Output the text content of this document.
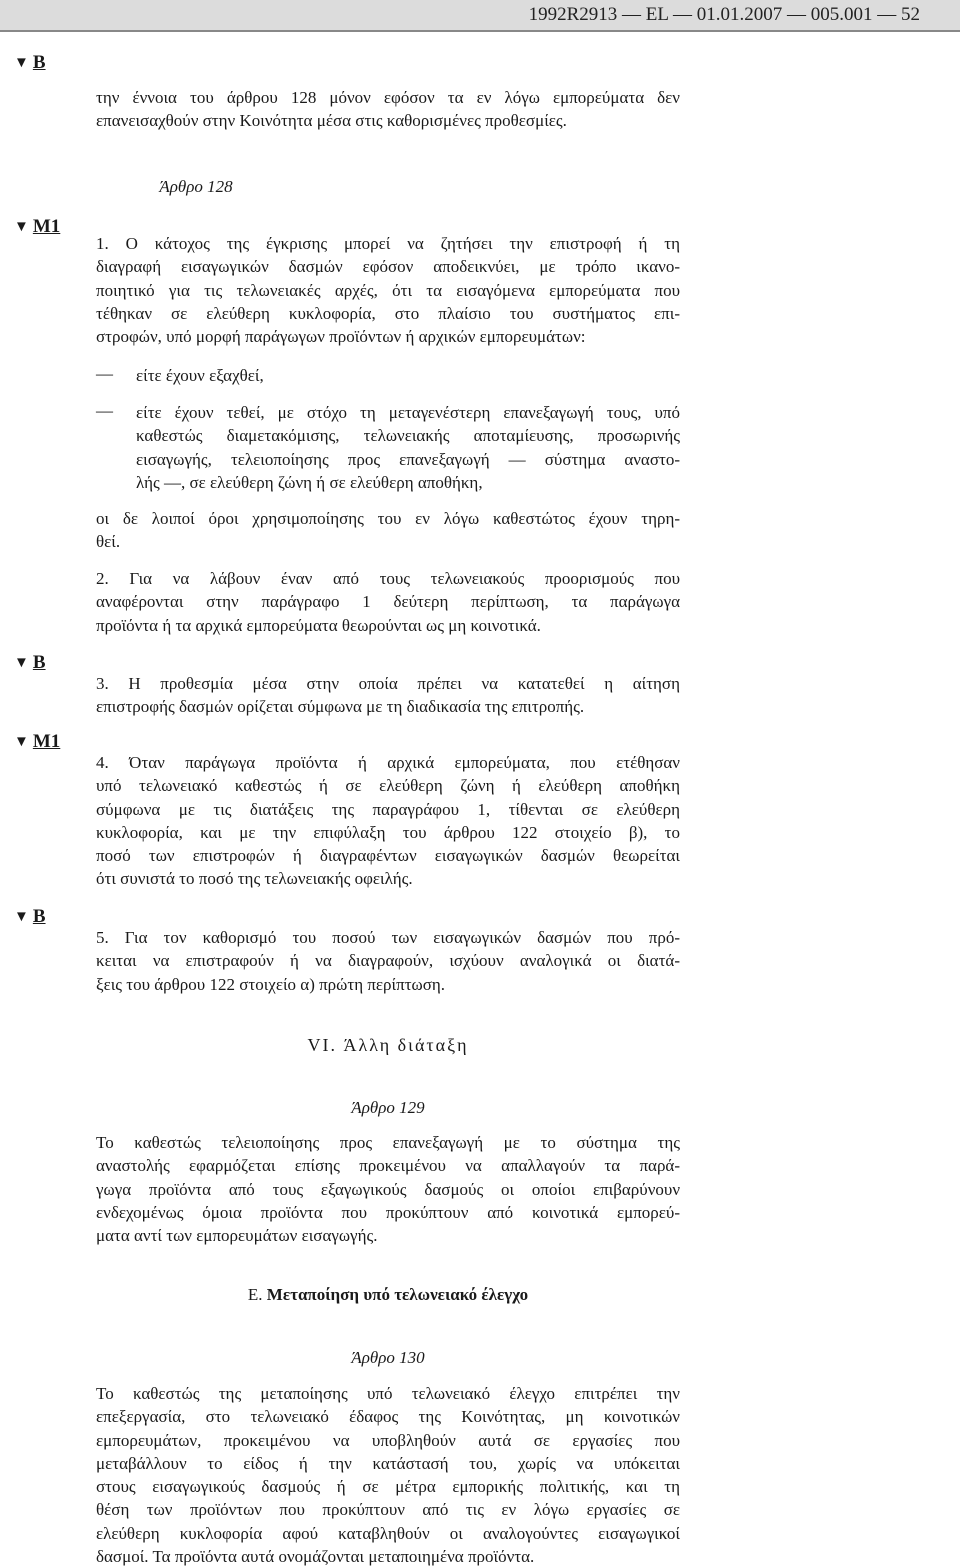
1992R2913 — EL — 01.01.2007 — 005.001 — 52
▼ B
▼ M1
▼ B
▼ M1
▼ B
την έννοια του άρθρου 128 μόνον εφόσον τα εν λόγω εμπορεύματα δεν
επανεισαχθούν στην Κοινότητα μέσα στις καθορισμένες προθεσμίες.
Άρθρο 128
1. Ο κάτοχος της έγκρισης μπορεί να ζητήσει την επιστροφή ή τη
διαγραφή εισαγωγικών δασμών εφόσον αποδεικνύει, με τρόπο ικανο-
ποιητικό για τις τελωνειακές αρχές, ότι τα εισαγόμενα εμπορεύματα που
τέθηκαν σε ελεύθερη κυκλοφορία, στο πλαίσιο του συστήματος επι-
στροφών, υπό μορφή παράγωγων προϊόντων ή αρχικών εμπορευμάτων:
— είτε έχουν εξαχθεί,
— είτε έχουν τεθεί, με στόχο τη μεταγενέστερη επανεξαγωγή τους, υπό
καθεστώς διαμετακόμισης, τελωνειακής αποταμίευσης, προσωρινής
εισαγωγής, τελειοποίησης προς επανεξαγωγή — σύστημα αναστο-
λής —, σε ελεύθερη ζώνη ή σε ελεύθερη αποθήκη,
οι δε λοιποί όροι χρησιμοποίησης του εν λόγω καθεστώτος έχουν τηρη-
θεί.
2. Για να λάβουν έναν από τους τελωνειακούς προορισμούς που
αναφέρονται στην παράγραφο 1 δεύτερη περίπτωση, τα παράγωγα
προϊόντα ή τα αρχικά εμπορεύματα θεωρούνται ως μη κοινοτικά.
3. Η προθεσμία μέσα στην οποία πρέπει να κατατεθεί η αίτηση
επιστροφής δασμών ορίζεται σύμφωνα με τη διαδικασία της επιτροπής.
4. Όταν παράγωγα προϊόντα ή αρχικά εμπορεύματα, που ετέθησαν
υπό τελωνειακό καθεστώς ή σε ελεύθερη ζώνη ή ελεύθερη αποθήκη
σύμφωνα με τις διατάξεις της παραγράφου 1, τίθενται σε ελεύθερη
κυκλοφορία, και με την επιφύλαξη του άρθρου 122 στοιχείο β), το
ποσό των επιστροφών ή διαγραφέντων εισαγωγικών δασμών θεωρείται
ότι συνιστά το ποσό της τελωνειακής οφειλής.
5. Για τον καθορισμό του ποσού των εισαγωγικών δασμών που πρό-
κειται να επιστραφούν ή να διαγραφούν, ισχύουν αναλογικά οι διατά-
ξεις του άρθρου 122 στοιχείο α) πρώτη περίπτωση.
VI. Άλλη διάταξη
Άρθρο 129
Το καθεστώς τελειοποίησης προς επανεξαγωγή με το σύστημα της
αναστολής εφαρμόζεται επίσης προκειμένου να απαλλαγούν τα παρά-
γωγα προϊόντα από τους εξαγωγικούς δασμούς οι οποίοι επιβαρύνουν
ενδεχομένως όμοια προϊόντα που προκύπτουν από κοινοτικά εμπορεύ-
ματα αντί των εμπορευμάτων εισαγωγής.
Ε. Μεταποίηση υπό τελωνειακό έλεγχο
Άρθρο 130
Το καθεστώς της μεταποίησης υπό τελωνειακό έλεγχο επιτρέπει την
επεξεργασία, στο τελωνειακό έδαφος της Κοινότητας, μη κοινοτικών
εμπορευμάτων, προκειμένου να υποβληθούν αυτά σε εργασίες που
μεταβάλλουν το είδος ή την κατάστασή του, χωρίς να υπόκειται
στους εισαγωγικούς δασμούς ή σε μέτρα εμπορικής πολιτικής, και τη
θέση των προϊόντων που προκύπτουν από τις εν λόγω εργασίες σε
ελεύθερη κυκλοφορία αφού καταβληθούν οι αναλογούντες εισαγωγικοί
δασμοί. Τα προϊόντα αυτά ονομάζονται μεταποιημένα προϊόντα.
